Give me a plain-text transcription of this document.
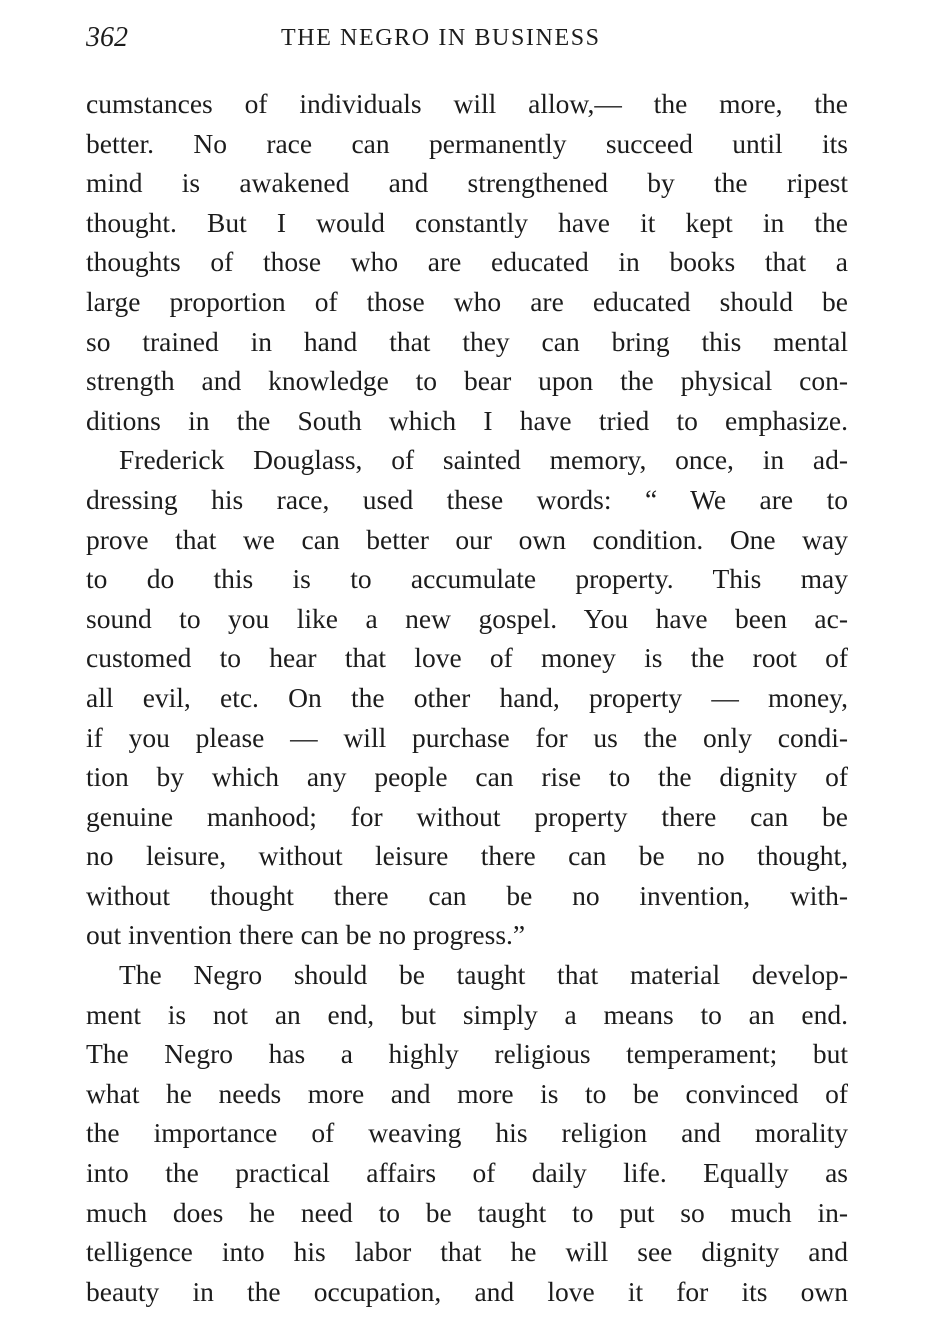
362	THE NEGRO IN BUSINESS
cumstances of individuals will allow,— the more, the
better. No race can permanently succeed until its
mind is awakened and strengthened by the ripest
thought. But I would constantly have it kept in the
thoughts of those who are educated in books that a
large proportion of those who are educated should be
so trained in hand that they can bring this mental
strength and knowledge to bear upon the physical con-
ditions in the South which I have tried to emphasize.
Frederick Douglass, of sainted memory, once, in ad-
dressing his race, used these words: “ We are to
prove that we can better our own condition. One way
to do this is to accumulate property. This may
sound to you like a new gospel. You have been ac-
customed to hear that love of money is the root of
all evil, etc. On the other hand, property — money,
if you please — will purchase for us the only condi-
tion by which any people can rise to the dignity of
genuine manhood; for without property there can be
no leisure, without leisure there can be no thought,
without thought there can be no invention, with-
out invention there can be no progress.”
The Negro should be taught that material develop-
ment is not an end, but simply a means to an end.
The Negro has a highly religious temperament; but
what he needs more and more is to be convinced of
the importance of weaving his religion and morality
into the practical affairs of daily life. Equally as
much does he need to be taught to put so much in-
telligence into his labor that he will see dignity and
beauty in the occupation, and love it for its own
